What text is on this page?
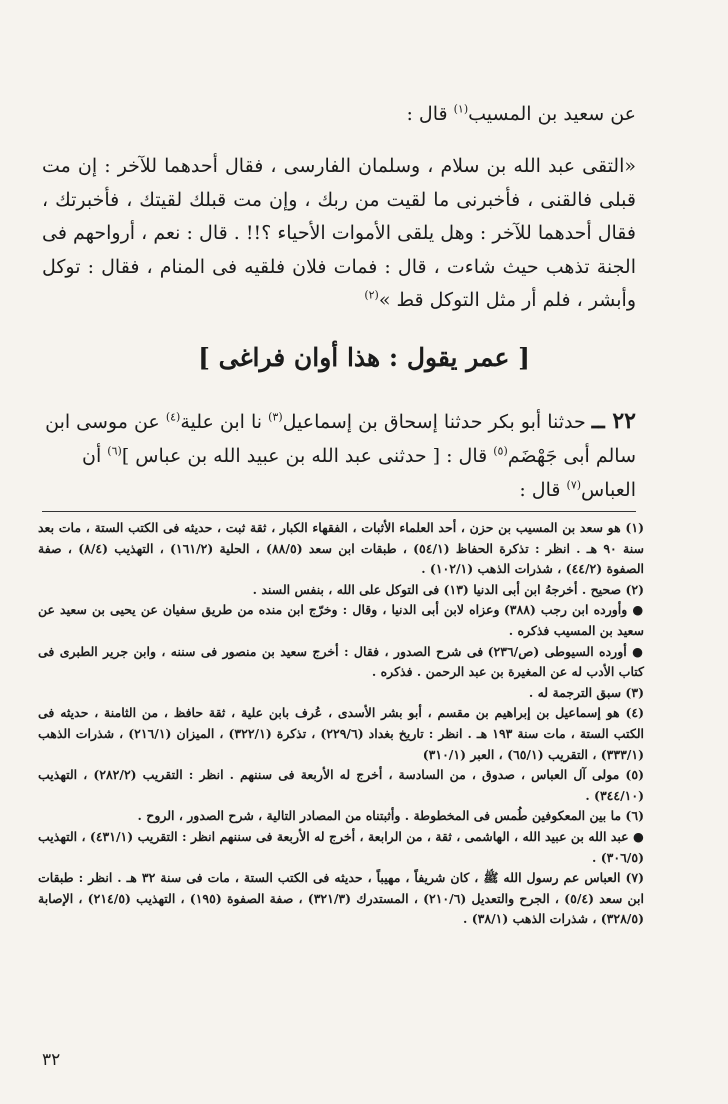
عن سعيد بن المسيب$^{(١)}$ قال :

«التقى عبد الله بن سلام ، وسلمان الفارسى ، فقال أحدهما للآخر : إن مت قبلى فالقنى ، فأخبرنى ما لقيت من ربك ، وإن مت قبلك لقيتك ، فأخبرتك ، فقال أحدهما للآخر : وهل يلقى الأموات الأحياء ؟!! . قال : نعم ، أرواحهم فى الجنة تذهب حيث شاءت ، قال : فمات فلان فلقيه فى المنام ، فقال : توكل وأبشر ، فلم أر مثل التوكل قط »$^{(٢)}$

[ عمر يقول : هذا أوان فراغى ]

٢٢ ــ حدثنا أبو بكر حدثنا إسحاق بن إسماعيل$^{(٣)}$ نا ابن علية$^{(٤)}$ عن موسى ابن سالم أبى جَهْضَم$^{(٥)}$ قال : [ حدثنى عبد الله بن عبيد الله بن عباس ]$^{(٦)}$ أن العباس$^{(٧)}$ قال :

(١) هو سعد بن المسيب بن حزن ، أحد العلماء الأثبات ، الفقهاء الكبار ، ثقة ثبت ، حديثه فى الكتب الستة ، مات بعد سنة ٩٠ هـ . انظر : تذكرة الحفاظ (٥٤/١) ، طبقات ابن سعد (٨٨/٥) ، الحلية (١٦١/٢) ، التهذيب (٨/٤) ، صفة الصفوة (٤٤/٢) ، شذرات الذهب (١٠٢/١) .

(٢) صحيح . أخرجهُ ابن أبى الدنيا (١٣) فى التوكل على الله ، بنفس السند .

● وأورده ابن رجب (٣٨٨) وعزاه لابن أبى الدنيا ، وقال : وخرّج ابن منده من طريق سفيان عن يحيى بن سعيد عن سعيد بن المسيب فذكره .

● أورده السيوطى (ص/٢٣٦) فى شرح الصدور ، فقال : أخرج سعيد بن منصور فى سننه ، وابن جرير الطبرى فى كتاب الأدب له عن المغيرة بن عبد الرحمن . فذكره .

(٣) سبق الترجمة له .

(٤) هو إسماعيل بن إبراهيم بن مقسم ، أبو بشر الأسدى ، عُرف بابن علية ، ثقة حافظ ، من الثامنة ، حديثه فى الكتب الستة ، مات سنة ١٩٣ هـ . انظر : تاريخ بغداد (٢٢٩/٦) ، تذكرة (٣٢٢/١) ، الميزان (٢١٦/١) ، شذرات الذهب (٣٣٣/١) ، التقريب (٦٥/١) ، العبر (٣١٠/١)

(٥) مولى آل العباس ، صدوق ، من السادسة ، أخرج له الأربعة فى سننهم . انظر : التقريب (٢٨٢/٢) ، التهذيب (٣٤٤/١٠) .

(٦) ما بين المعكوفين طُمس فى المخطوطة . وأثبتناه من المصادر التالية ، شرح الصدور ، الروح .

● عبد الله بن عبيد الله ، الهاشمى ، ثقة ، من الرابعة ، أخرج له الأربعة فى سننهم انظر : التقريب (٤٣١/١) ، التهذيب (٣٠٦/٥) .

(٧) العباس عم رسول الله ﷺ ، كان شريفاً ، مهيباً ، حديثه فى الكتب الستة ، مات فى سنة ٣٢ هـ . انظر : طبقات ابن سعد (٥/٤) ، الجرح والتعديل (٢١٠/٦) ، المستدرك (٣٢١/٣) ، صفة الصفوة (١٩٥) ، التهذيب (٢١٤/٥) ، الإصابة (٣٢٨/٥) ، شذرات الذهب (٣٨/١) .

٣٢
